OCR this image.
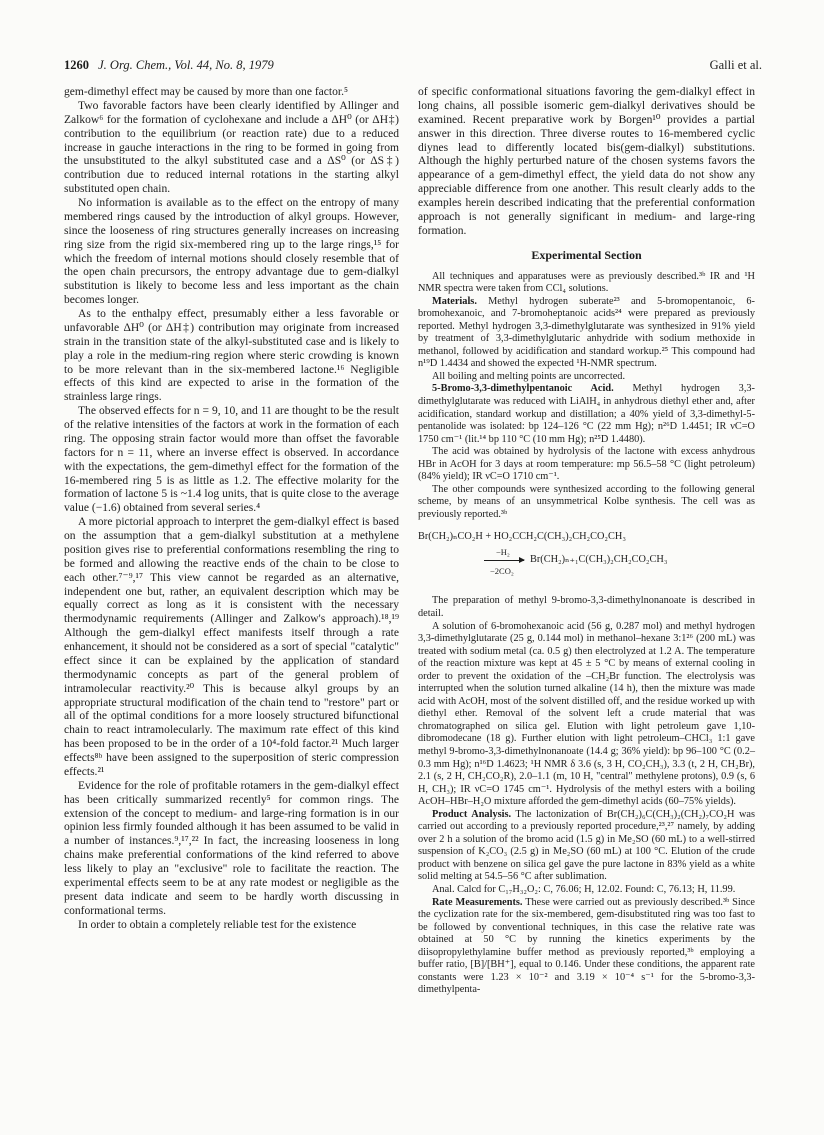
1260 J. Org. Chem., Vol. 44, No. 8, 1979	Galli et al.

gem-dimethyl effect may be caused by more than one factor.⁵

Two favorable factors have been clearly identified by Allinger and Zalkow⁶ for the formation of cyclohexane and include a ΔH⁰ (or ΔH‡) contribution to the equilibrium (or reaction rate) due to a reduced increase in gauche interactions in the ring to be formed in going from the unsubstituted to the alkyl substituted case and a ΔS⁰ (or ΔS‡) contribution due to reduced internal rotations in the starting alkyl substituted open chain.

No information is available as to the effect on the entropy of many membered rings caused by the introduction of alkyl groups. However, since the looseness of ring structures generally increases on increasing ring size from the rigid six-membered ring up to the large rings,¹⁵ for which the freedom of internal motions should closely resemble that of the open chain precursors, the entropy advantage due to gem-dialkyl substitution is likely to become less and less important as the chain becomes longer.

As to the enthalpy effect, presumably either a less favorable or unfavorable ΔH⁰ (or ΔH‡) contribution may originate from increased strain in the transition state of the alkyl-substituted case and is likely to play a role in the medium-ring region where steric crowding is known to be more relevant than in the six-membered lactone.¹⁶ Negligible effects of this kind are expected to arise in the formation of the strainless large rings.

The observed effects for n = 9, 10, and 11 are thought to be the result of the relative intensities of the factors at work in the formation of each ring. The opposing strain factor would more than offset the favorable factors for n = 11, where an inverse effect is observed. In accordance with the expectations, the gem-dimethyl effect for the formation of the 16-membered ring 5 is as little as 1.2. The effective molarity for the formation of lactone 5 is ~1.4 log units, that is quite close to the average value (−1.6) obtained from several series.⁴

A more pictorial approach to interpret the gem-dialkyl effect is based on the assumption that a gem-dialkyl substitution at a methylene position gives rise to preferential conformations resembling the ring to be formed and allowing the reactive ends of the chain to be close to each other.⁷⁻⁹,¹⁷ This view cannot be regarded as an alternative, independent one but, rather, an equivalent description which may be equally correct as long as it is consistent with the necessary thermodynamic requirements (Allinger and Zalkow's approach).¹⁸,¹⁹ Although the gem-dialkyl effect manifests itself through a rate enhancement, it should not be considered as a sort of special "catalytic" effect since it can be explained by the application of standard thermodynamic concepts as part of the general problem of intramolecular reactivity.²⁰ This is because alkyl groups by an appropriate structural modification of the chain tend to "restore" part or all of the optimal conditions for a more loosely structured bifunctional chain to react intramolecularly. The maximum rate effect of this kind has been proposed to be in the order of a 10⁴-fold factor.²¹ Much larger effects⁸ᵇ have been assigned to the superposition of steric compression effects.²¹

Evidence for the role of profitable rotamers in the gem-dialkyl effect has been critically summarized recently⁵ for common rings. The extension of the concept to medium- and large-ring formation is in our opinion less firmly founded although it has been assumed to be valid in a number of instances.⁹,¹⁷,²² In fact, the increasing looseness in long chains make preferential conformations of the kind referred to above less likely to play an "exclusive" role to facilitate the reaction. The experimental effects seem to be at any rate modest or negligible as the present data indicate and seem to be hardly worth discussing in conformational terms.

In order to obtain a completely reliable test for the existence

of specific conformational situations favoring the gem-dialkyl effect in long chains, all possible isomeric gem-dialkyl derivatives should be examined. Recent preparative work by Borgen¹⁰ provides a partial answer in this direction. Three diverse routes to 16-membered cyclic diynes lead to differently located bis(gem-dialkyl) substitutions. Although the highly perturbed nature of the chosen systems favors the appearance of a gem-dimethyl effect, the yield data do not show any appreciable difference from one another. This result clearly adds to the examples herein described indicating that the preferential conformation approach is not generally significant in medium- and large-ring formation.

Experimental Section

All techniques and apparatuses were as previously described.³ᵇ IR and ¹H NMR spectra were taken from CCl₄ solutions.

Materials. Methyl hydrogen suberate²³ and 5-bromopentanoic, 6-bromohexanoic, and 7-bromoheptanoic acids²⁴ were prepared as previously reported. Methyl hydrogen 3,3-dimethylglutarate was synthesized in 91% yield by treatment of 3,3-dimethylglutaric anhydride with sodium methoxide in methanol, followed by acidification and standard workup.²⁵ This compound had n¹⁹D 1.4434 and showed the expected ¹H-NMR spectrum.

All boiling and melting points are uncorrected.

5-Bromo-3,3-dimethylpentanoic Acid. Methyl hydrogen 3,3-dimethylglutarate was reduced with LiAlH₄ in anhydrous diethyl ether and, after acidification, standard workup and distillation; a 40% yield of 3,3-dimethyl-5-pentanolide was isolated: bp 124–126 °C (22 mm Hg); n²⁶D 1.4451; IR νC=O 1750 cm⁻¹ (lit.¹⁴ bp 110 °C (10 mm Hg); n²⁵D 1.4480).

The acid was obtained by hydrolysis of the lactone with excess anhydrous HBr in AcOH for 3 days at room temperature: mp 56.5–58 °C (light petroleum) (84% yield); IR νC=O 1710 cm⁻¹.

The other compounds were synthesized according to the following general scheme, by means of an unsymmetrical Kolbe synthesis. The cell was as previously reported.³ᵇ

Br(CH₂)ₙCO₂H + HO₂CCH₂C(CH₃)₂CH₂CO₂CH₃
−H₂
→ Br(CH₂)ₙ₊₁C(CH₃)₂CH₂CO₂CH₃
−2CO₂

The preparation of methyl 9-bromo-3,3-dimethylnonanoate is described in detail.

A solution of 6-bromohexanoic acid (56 g, 0.287 mol) and methyl hydrogen 3,3-dimethylglutarate (25 g, 0.144 mol) in methanol–hexane 3:1²⁶ (200 mL) was treated with sodium metal (ca. 0.5 g) then electrolyzed at 1.2 A. The temperature of the reaction mixture was kept at 45 ± 5 °C by means of external cooling in order to prevent the oxidation of the –CH₂Br function. The electrolysis was interrupted when the solution turned alkaline (14 h), then the mixture was made acid with AcOH, most of the solvent distilled off, and the residue worked up with diethyl ether. Removal of the solvent left a crude material that was chromatographed on silica gel. Elution with light petroleum gave 1,10-dibromodecane (18 g). Further elution with light petroleum–CHCl₃ 1:1 gave methyl 9-bromo-3,3-dimethylnonanoate (14.4 g; 36% yield): bp 96–100 °C (0.2–0.3 mm Hg); n¹⁶D 1.4623; ¹H NMR δ 3.6 (s, 3 H, CO₂CH₃), 3.3 (t, 2 H, CH₂Br), 2.1 (s, 2 H, CH₂CO₂R), 2.0–1.1 (m, 10 H, "central" methylene protons), 0.9 (s, 6 H, CH₃); IR νC=O 1745 cm⁻¹. Hydrolysis of the methyl esters with a boiling AcOH–HBr–H₂O mixture afforded the gem-dimethyl acids (60–75% yields).

Product Analysis. The lactonization of Br(CH₂)₆C(CH₃)₂(CH₂)₇CO₂H was carried out according to a previously reported procedure,²³,²⁷ namely, by adding over 2 h a solution of the bromo acid (1.5 g) in Me₂SO (60 mL) to a well-stirred suspension of K₂CO₃ (2.5 g) in Me₂SO (60 mL) at 100 °C. Elution of the crude product with benzene on silica gel gave the pure lactone in 83% yield as a white solid melting at 54.5–56 °C after sublimation.

Anal. Calcd for C₁₇H₃₂O₂: C, 76.06; H, 12.02. Found: C, 76.13; H, 11.99.

Rate Measurements. These were carried out as previously described.³ᵇ Since the cyclization rate for the six-membered, gem-disubstituted ring was too fast to be followed by conventional techniques, in this case the relative rate was obtained at 50 °C by running the kinetics experiments by the diisopropylethylamine buffer method as previously reported,³ᵇ employing a buffer ratio, [B]/[BH⁺], equal to 0.146. Under these conditions, the apparent rate constants were 1.23 × 10⁻² and 3.19 × 10⁻⁴ s⁻¹ for the 5-bromo-3,3-dimethylpenta-
